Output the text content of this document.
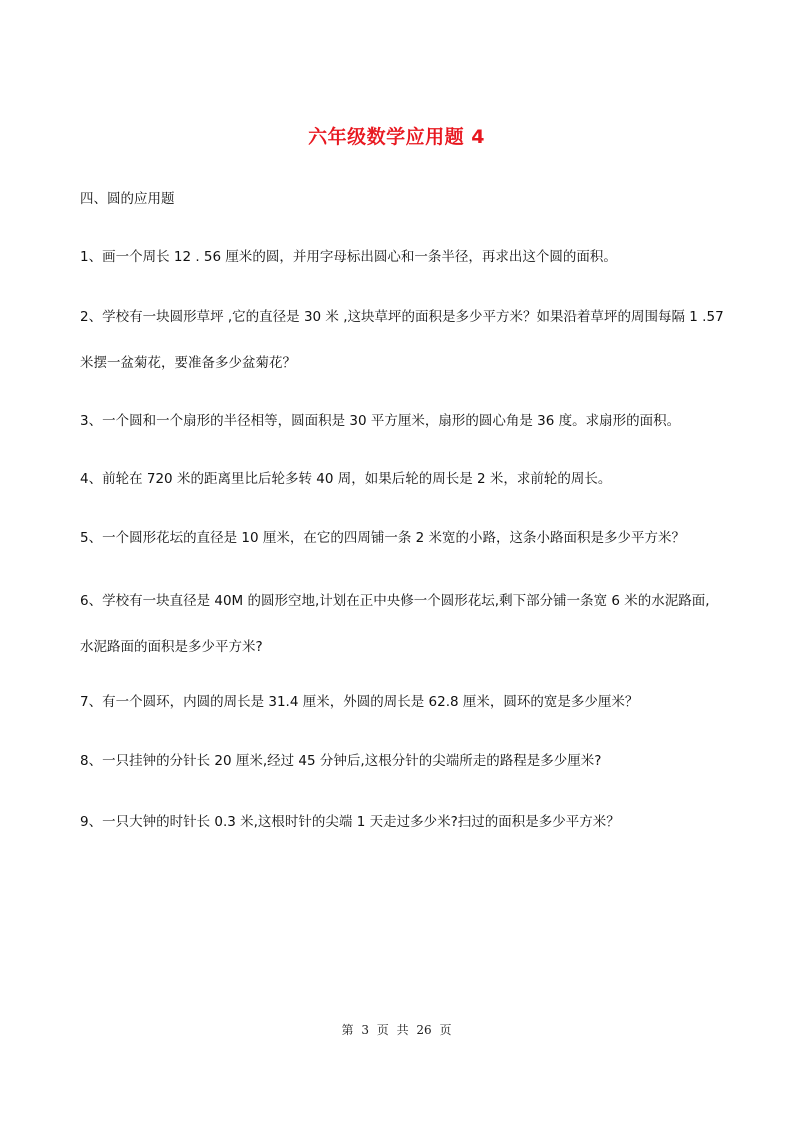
六年级数学应用题 4

四、圆的应用题

1、画一个周长 12 . 56 厘米的圆，并用字母标出圆心和一条半径，再求出这个圆的面积。

2、学校有一块圆形草坪 ,它的直径是 30 米 ,这块草坪的面积是多少平方米？如果沿着草坪的周围每隔 1 .57
米摆一盆菊花，要准备多少盆菊花？

3、一个圆和一个扇形的半径相等，圆面积是 30 平方厘米，扇形的圆心角是 36 度。求扇形的面积。

4、前轮在 720 米的距离里比后轮多转 40 周，如果后轮的周长是 2 米，求前轮的周长。

5、一个圆形花坛的直径是 10 厘米，在它的四周铺一条 2 米宽的小路，这条小路面积是多少平方米？

6、学校有一块直径是 40M 的圆形空地,计划在正中央修一个圆形花坛,剩下部分铺一条宽 6 米的水泥路面,
水泥路面的面积是多少平方米?

7、有一个圆环，内圆的周长是 31.4 厘米，外圆的周长是 62.8 厘米，圆环的宽是多少厘米？

8、一只挂钟的分针长 20 厘米,经过 45 分钟后,这根分针的尖端所走的路程是多少厘米?

9、一只大钟的时针长 0.3 米,这根时针的尖端 1 天走过多少米?扫过的面积是多少平方米？

第 3 页 共 26 页
